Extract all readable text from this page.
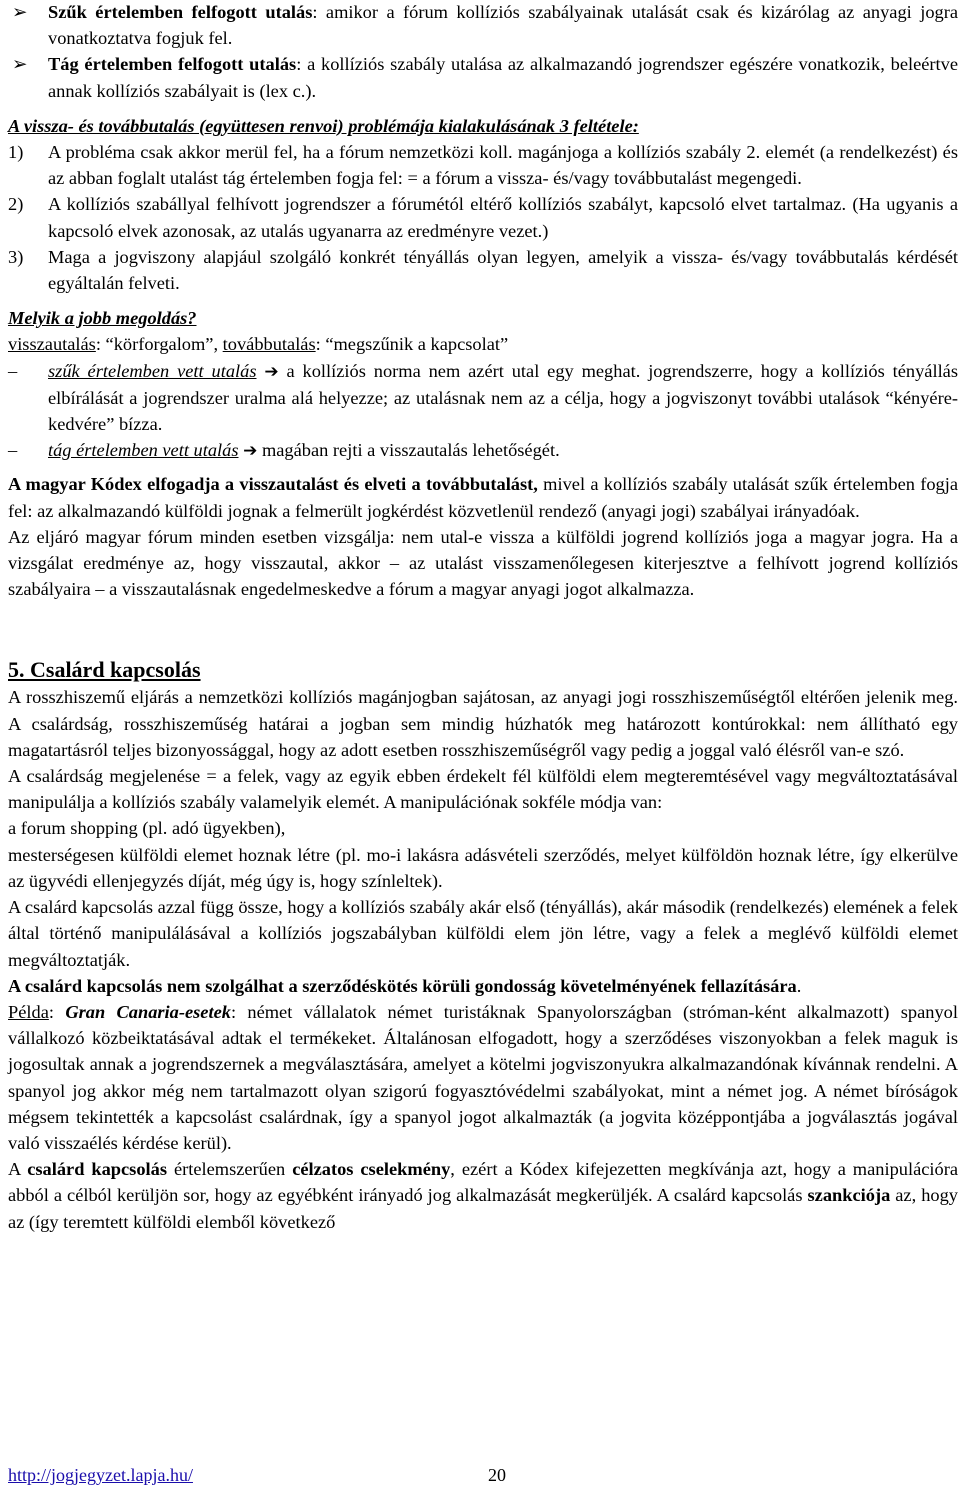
➢ Szűk értelemben felfogott utalás: amikor a fórum kollíziós szabályainak utalását csak és kizárólag az anyagi jogra vonatkoztatva fogjuk fel.

➢ Tág értelemben felfogott utalás: a kollíziós szabály utalása az alkalmazandó jogrendszer egészére vonatkozik, beleértve annak kollíziós szabályait is (lex c.).

A vissza- és továbbutalás (együttesen renvoi) problémája kialakulásának 3 feltétele:

1) A probléma csak akkor merül fel, ha a fórum nemzetközi koll. magánjoga a kollíziós szabály 2. elemét (a rendelkezést) és az abban foglalt utalást tág értelemben fogja fel: = a fórum a vissza- és/vagy továbbutalást megengedi.

2) A kollíziós szabállyal felhívott jogrendszer a fórumétól eltérő kollíziós szabályt, kapcsoló elvet tartalmaz. (Ha ugyanis a kapcsoló elvek azonosak, az utalás ugyanarra az eredményre vezet.)

3) Maga a jogviszony alapjául szolgáló konkrét tényállás olyan legyen, amelyik a vissza- és/vagy továbbutalás kérdését egyáltalán felveti.

Melyik a jobb megoldás?

visszautalás: “körforgalom”, továbbutalás: “megszűnik a kapcsolat”

– szűk értelemben vett utalás ➔ a kollíziós norma nem azért utal egy meghat. jogrendszerre, hogy a kollíziós tényállás elbírálását a jogrendszer uralma alá helyezze; az utalásnak nem az a célja, hogy a jogviszonyt további utalások “kényére-kedvére” bízza.

– tág értelemben vett utalás ➔ magában rejti a visszautalás lehetőségét.

A magyar Kódex elfogadja a visszautalást és elveti a továbbutalást, mivel a kollíziós szabály utalását szűk értelemben fogja fel: az alkalmazandó külföldi jognak a felmerült jogkérdést közvetlenül rendező (anyagi jogi) szabályai irányadóak.

Az eljáró magyar fórum minden esetben vizsgálja: nem utal-e vissza a külföldi jogrend kollíziós joga a magyar jogra. Ha a vizsgálat eredménye az, hogy visszautal, akkor – az utalást visszamenőlegesen kiterjesztve a felhívott jogrend kollíziós szabályaira – a visszautalásnak engedelmeskedve a fórum a magyar anyagi jogot alkalmazza.

5. Csalárd kapcsolás

A rosszhiszemű eljárás a nemzetközi kollíziós magánjogban sajátosan, az anyagi jogi rosszhiszeműségtől eltérően jelenik meg. A csalárdság, rosszhiszeműség határai a jogban sem mindig húzhatók meg határozott kontúrokkal: nem állítható egy magatartásról teljes bizonyossággal, hogy az adott esetben rosszhiszeműségről vagy pedig a joggal való élésről van-e szó.

A csalárdság megjelenése = a felek, vagy az egyik ebben érdekelt fél külföldi elem megteremtésével vagy megváltoztatásával manipulálja a kollíziós szabály valamelyik elemét. A manipulációnak sokféle módja van:

a forum shopping (pl. adó ügyekben),

mesterségesen külföldi elemet hoznak létre (pl. mo-i lakásra adásvételi szerződés, melyet külföldön hoznak létre, így elkerülve az ügyvédi ellenjegyzés díját, még úgy is, hogy színleltek).

A csalárd kapcsolás azzal függ össze, hogy a kollíziós szabály akár első (tényállás), akár második (rendelkezés) elemének a felek által történő manipulálásával a kollíziós jogszabályban külföldi elem jön létre, vagy a felek a meglévő külföldi elemet megváltoztatják.

A csalárd kapcsolás nem szolgálhat a szerződéskötés körüli gondosság követelményének fellazítására.

Példa: Gran Canaria-esetek: német vállalatok német turistáknak Spanyolországban (stróman-ként alkalmazott) spanyol vállalkozó közbeiktatásával adtak el termékeket. Általánosan elfogadott, hogy a szerződéses viszonyokban a felek maguk is jogosultak annak a jogrendszernek a megválasztására, amelyet a kötelmi jogviszonyukra alkalmazandónak kívánnak rendelni. A spanyol jog akkor még nem tartalmazott olyan szigorú fogyasztóvédelmi szabályokat, mint a német jog. A német bíróságok mégsem tekintették a kapcsolást csalárdnak, így a spanyol jogot alkalmazták (a jogvita középpontjába a jogválasztás jogával való visszaélés kérdése kerül).

A csalárd kapcsolás értelemszerűen célzatos cselekmény, ezért a Kódex kifejezetten megkívánja azt, hogy a manipulációra abból a célból kerüljön sor, hogy az egyébként irányadó jog alkalmazását megkerüljék. A csalárd kapcsolás szankciója az, hogy az (így teremtett külföldi elemből következő

http://jogjegyzet.lapja.hu/	20
